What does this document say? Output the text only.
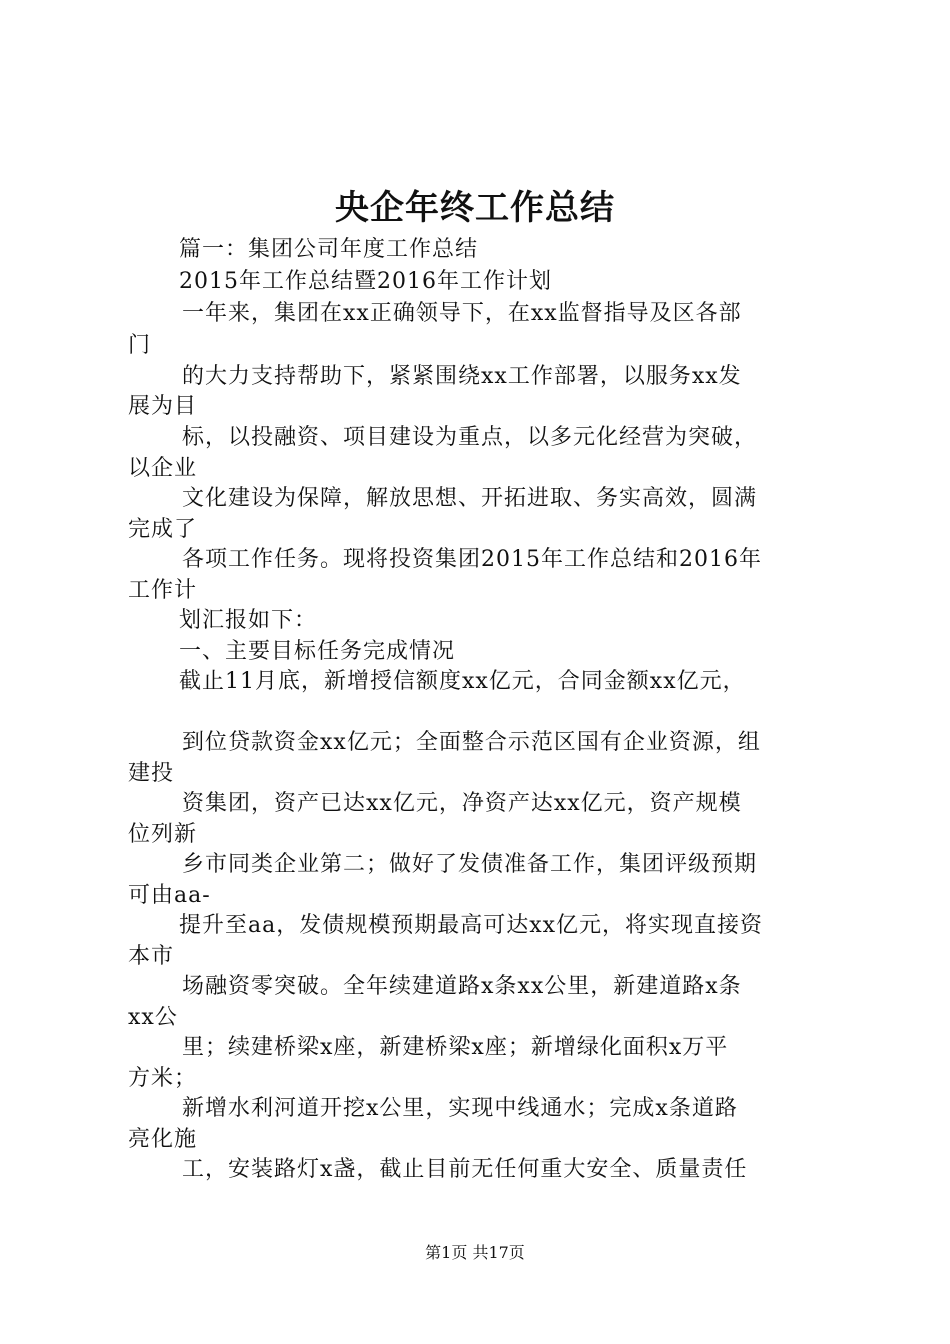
央企年终工作总结
篇一：集团公司年度工作总结
2015年工作总结暨2016年工作计划
一年来，集团在xx正确领导下，在xx监督指导及区各部
门
的大力支持帮助下，紧紧围绕xx工作部署，以服务xx发
展为目
标，以投融资、项目建设为重点，以多元化经营为突破，
以企业
文化建设为保障，解放思想、开拓进取、务实高效，圆满
完成了
各项工作任务。现将投资集团2015年工作总结和2016年
工作计
划汇报如下：
一、主要目标任务完成情况
截止11月底，新增授信额度xx亿元，合同金额xx亿元，
到位贷款资金xx亿元；全面整合示范区国有企业资源，组
建投
资集团，资产已达xx亿元，净资产达xx亿元，资产规模
位列新
乡市同类企业第二；做好了发债准备工作，集团评级预期
可由aa-
提升至aa，发债规模预期最高可达xx亿元，将实现直接资
本市
场融资零突破。全年续建道路x条xx公里，新建道路x条
xx公
里；续建桥梁x座，新建桥梁x座；新增绿化面积x万平
方米；
新增水利河道开挖x公里，实现中线通水；完成x条道路
亮化施
工，安装路灯x盏，截止目前无任何重大安全、质量责任
第1页 共17页
